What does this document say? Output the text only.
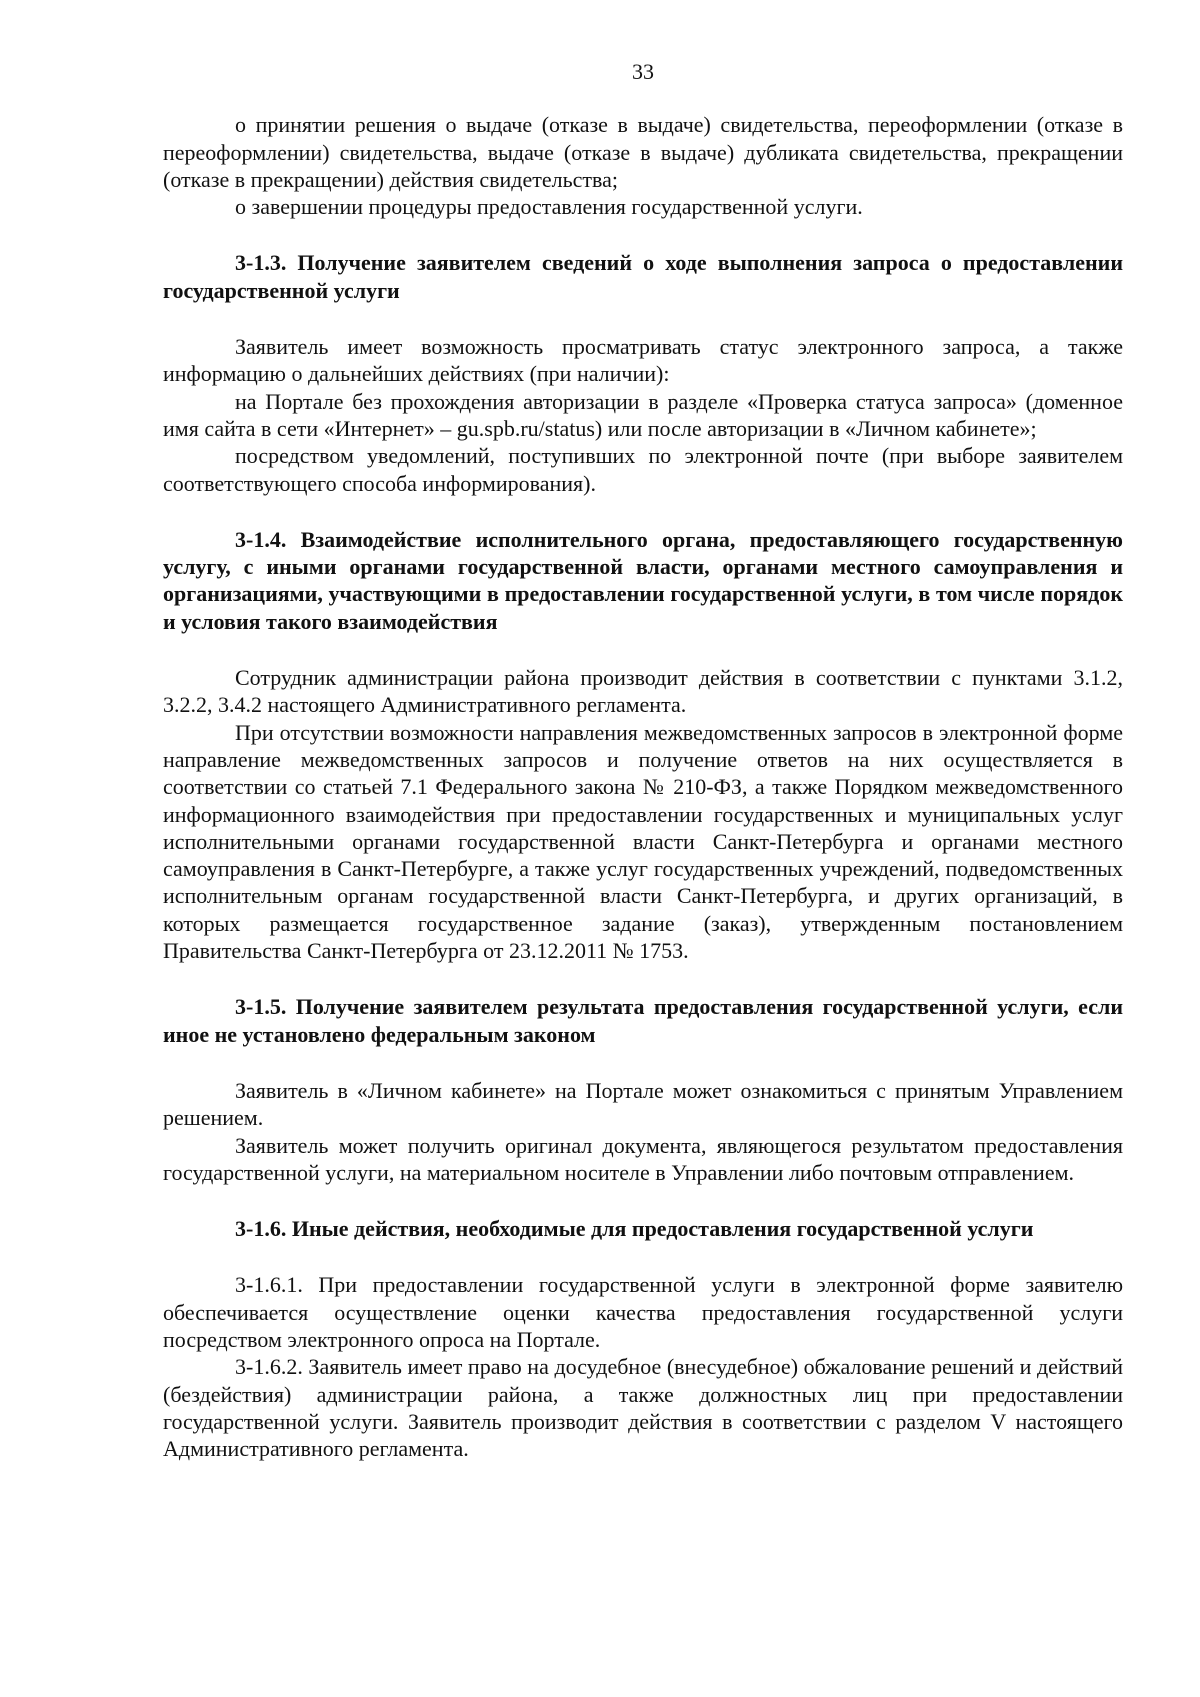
33

о принятии решения о выдаче (отказе в выдаче) свидетельства, переоформлении (отказе в переоформлении) свидетельства, выдаче (отказе в выдаче) дубликата свидетельства, прекращении (отказе в прекращении) действия свидетельства;

о завершении процедуры предоставления государственной услуги.

3-1.3. Получение заявителем сведений о ходе выполнения запроса о предоставлении государственной услуги

Заявитель имеет возможность просматривать статус электронного запроса, а также информацию о дальнейших действиях (при наличии):

на Портале без прохождения авторизации в разделе «Проверка статуса запроса» (доменное имя сайта в сети «Интернет» – gu.spb.ru/status) или после авторизации в «Личном кабинете»;

посредством уведомлений, поступивших по электронной почте (при выборе заявителем соответствующего способа информирования).

3-1.4. Взаимодействие исполнительного органа, предоставляющего государственную услугу, с иными органами государственной власти, органами местного самоуправления и организациями, участвующими в предоставлении государственной услуги, в том числе порядок и условия такого взаимодействия

Сотрудник администрации района производит действия в соответствии с пунктами 3.1.2, 3.2.2, 3.4.2 настоящего Административного регламента.

При отсутствии возможности направления межведомственных запросов в электронной форме направление межведомственных запросов и получение ответов на них осуществляется в соответствии со статьей 7.1 Федерального закона № 210-ФЗ, а также Порядком межведомственного информационного взаимодействия при предоставлении государственных и муниципальных услуг исполнительными органами государственной власти Санкт-Петербурга и органами местного самоуправления в Санкт-Петербурге, а также услуг государственных учреждений, подведомственных исполнительным органам государственной власти Санкт-Петербурга, и других организаций, в которых размещается государственное задание (заказ), утвержденным постановлением Правительства Санкт-Петербурга от 23.12.2011 № 1753.

3-1.5. Получение заявителем результата предоставления государственной услуги, если иное не установлено федеральным законом

Заявитель в «Личном кабинете» на Портале может ознакомиться с принятым Управлением решением.

Заявитель может получить оригинал документа, являющегося результатом предоставления государственной услуги, на материальном носителе в Управлении либо почтовым отправлением.

3-1.6. Иные действия, необходимые для предоставления государственной услуги

3-1.6.1. При предоставлении государственной услуги в электронной форме заявителю обеспечивается осуществление оценки качества предоставления государственной услуги посредством электронного опроса на Портале.

3-1.6.2. Заявитель имеет право на досудебное (внесудебное) обжалование решений и действий (бездействия) администрации района, а также должностных лиц при предоставлении государственной услуги. Заявитель производит действия в соответствии с разделом V настоящего Административного регламента.
